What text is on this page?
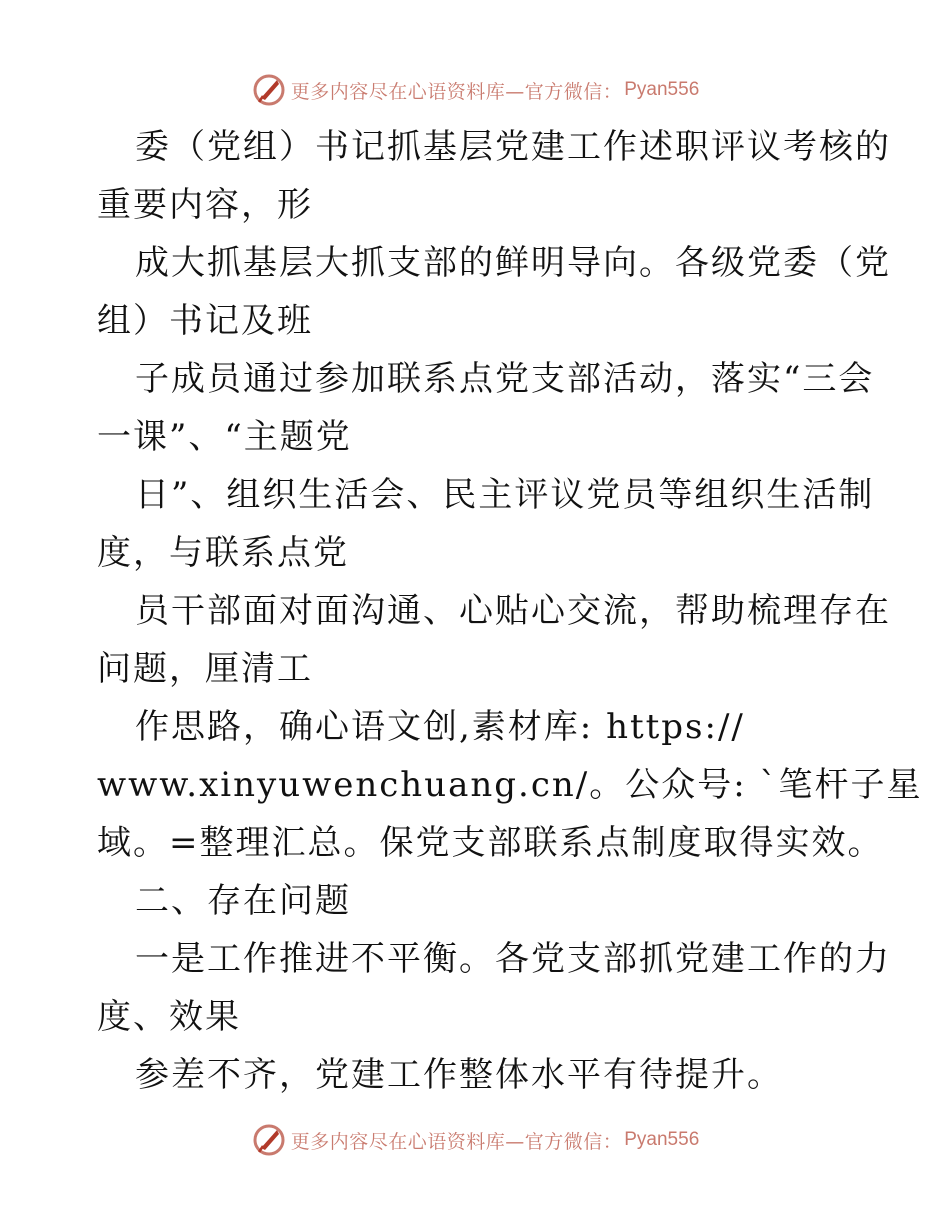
更多内容尽在心语资料库—官方微信： Pyan556
委（党组）书记抓基层党建工作述职评议考核的
重要内容，形
成大抓基层大抓支部的鲜明导向。各级党委（党
组）书记及班
子成员通过参加联系点党支部活动，落实“三会
一课”、“主题党
日”、组织生活会、民主评议党员等组织生活制
度，与联系点党
员干部面对面沟通、心贴心交流，帮助梳理存在
问题，厘清工
作思路，确心语文创,素材库: https://
www.xinyuwenchuang.cn/。公众号: `笔杆子星
域。=整理汇总。保党支部联系点制度取得实效。
二、存在问题
一是工作推进不平衡。各党支部抓党建工作的力
度、效果
参差不齐，党建工作整体水平有待提升。
更多内容尽在心语资料库—官方微信： Pyan556
